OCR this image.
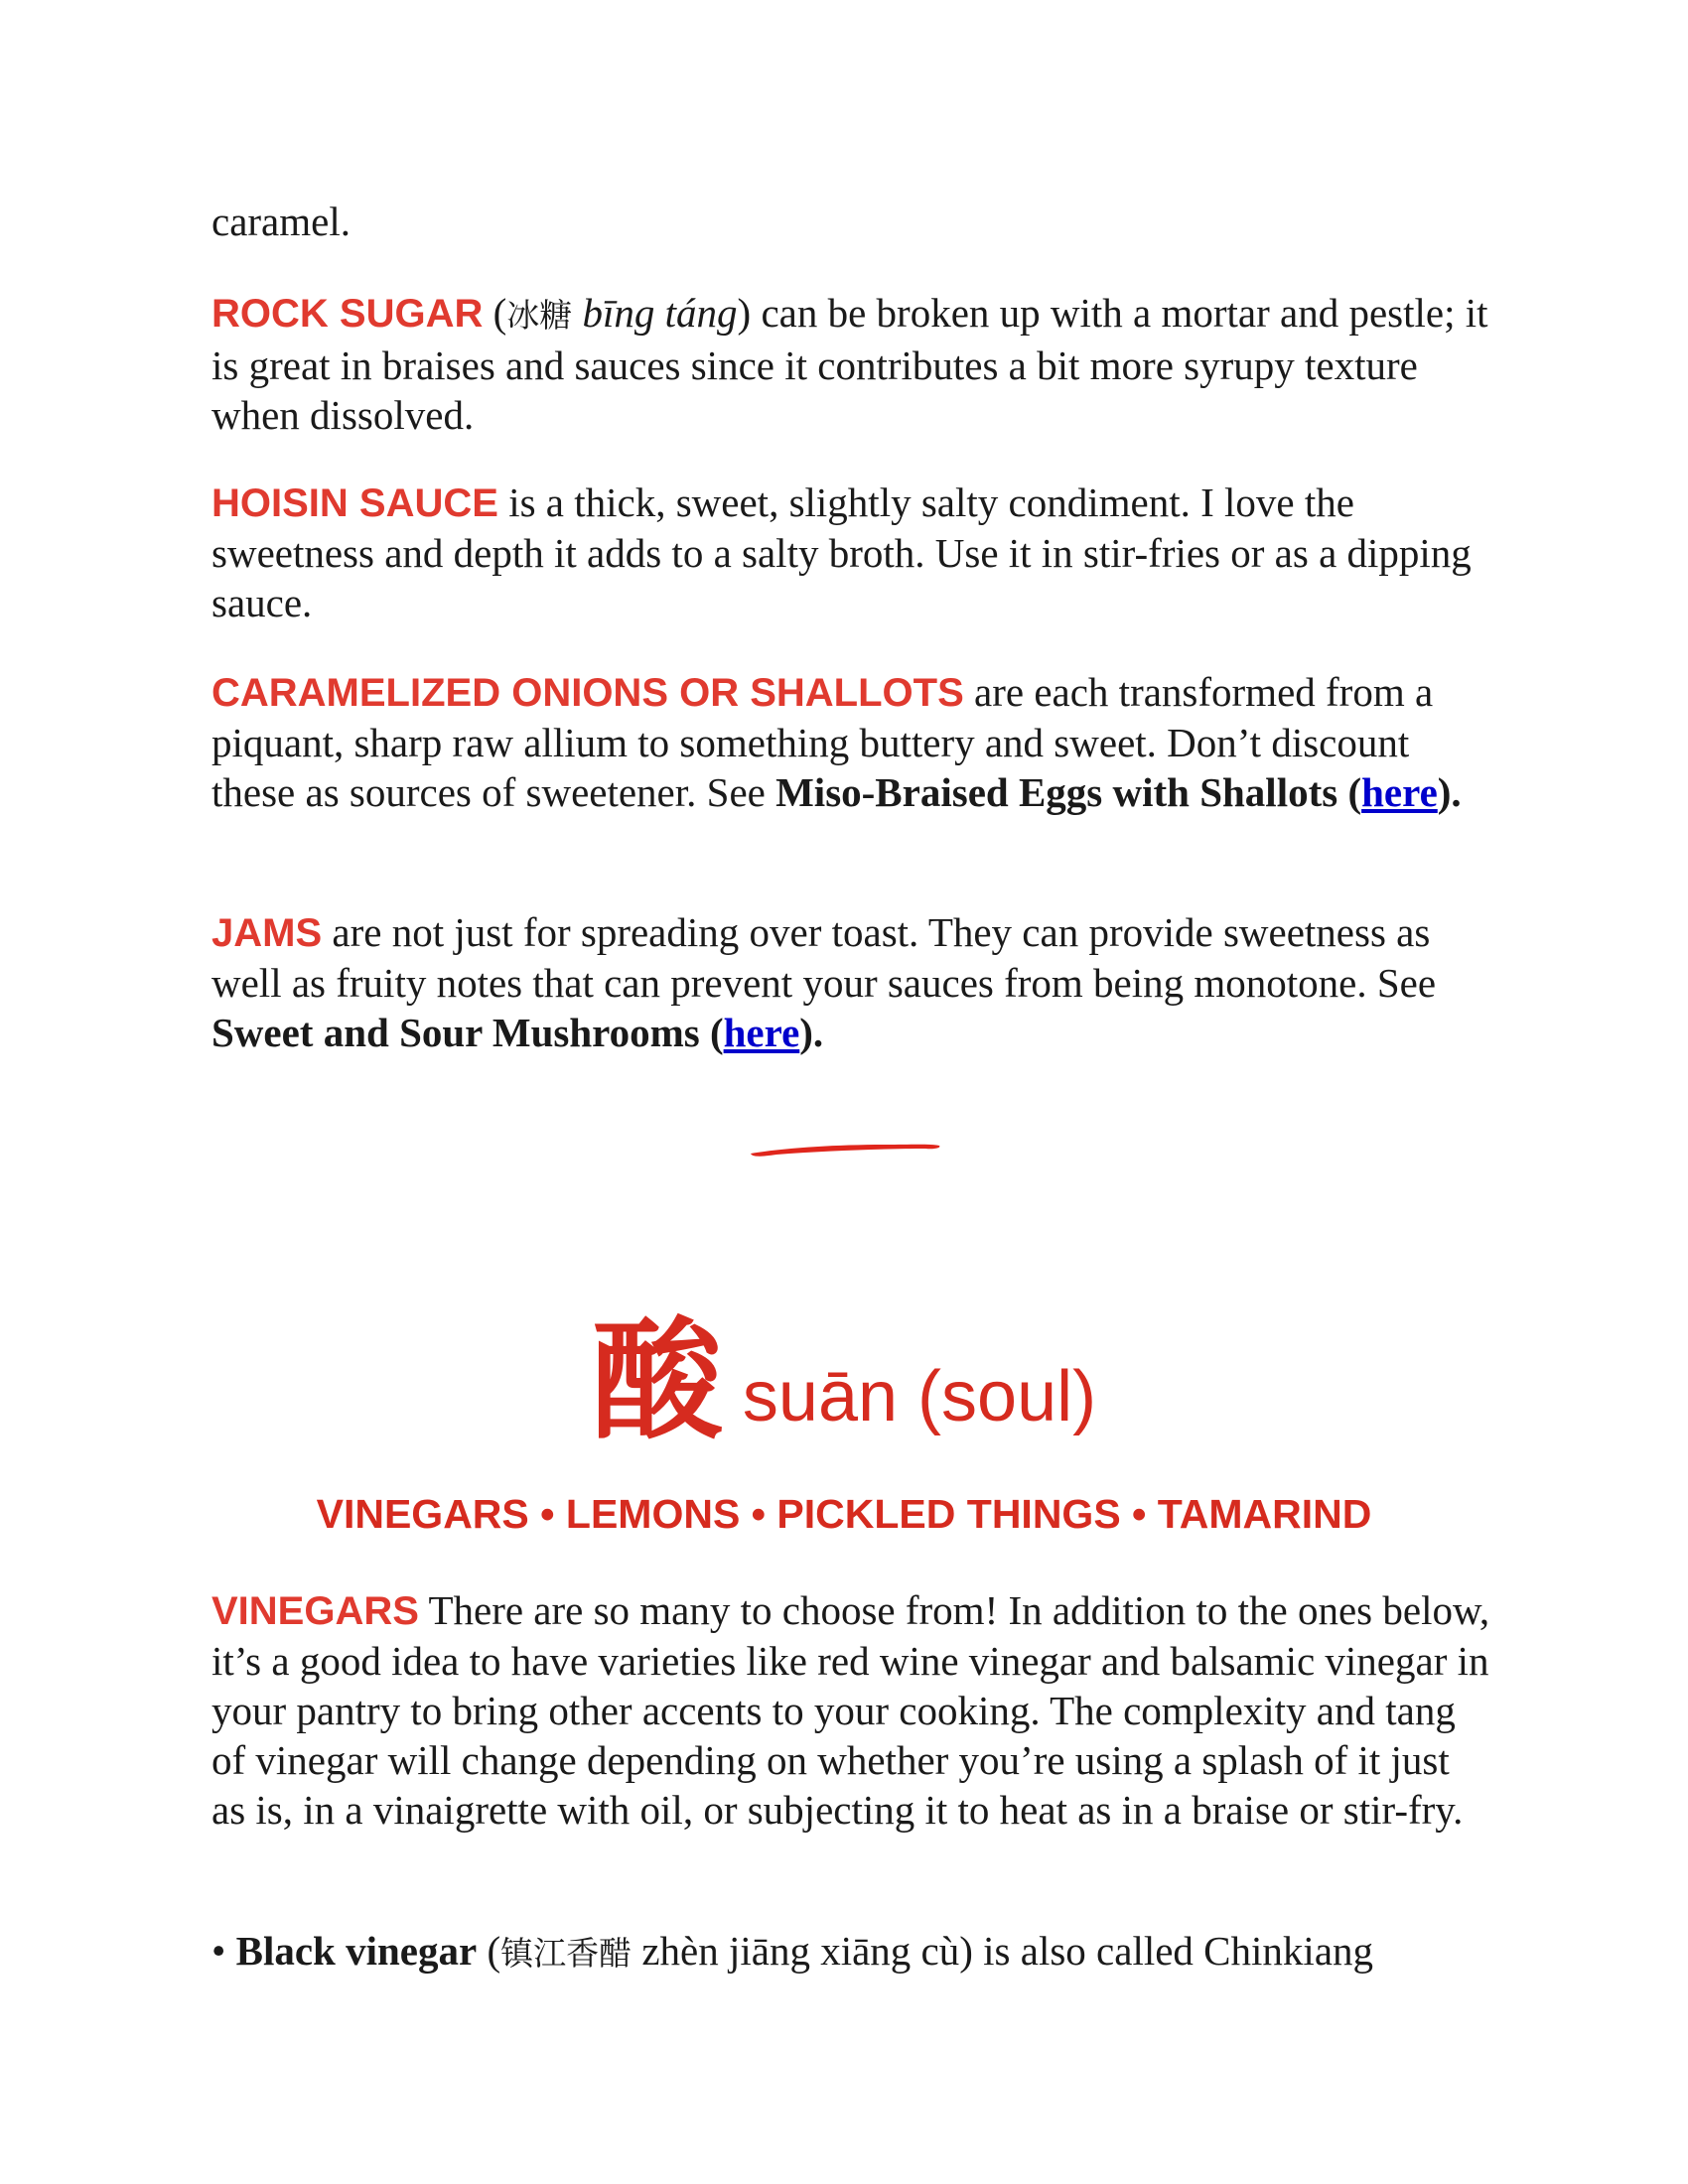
caramel.

ROCK SUGAR (冰糖 bīng táng) can be broken up with a mortar and pestle; it is great in braises and sauces since it contributes a bit more syrupy texture when dissolved.

HOISIN SAUCE is a thick, sweet, slightly salty condiment. I love the sweetness and depth it adds to a salty broth. Use it in stir-fries or as a dipping sauce.

CARAMELIZED ONIONS OR SHALLOTS are each transformed from a piquant, sharp raw allium to something buttery and sweet. Don’t discount these as sources of sweetener. See Miso-Braised Eggs with Shallots (here).

JAMS are not just for spreading over toast. They can provide sweetness as well as fruity notes that can prevent your sauces from being monotone. See Sweet and Sour Mushrooms (here).

酸 suān (soul)
VINEGARS • LEMONS • PICKLED THINGS • TAMARIND

VINEGARS There are so many to choose from! In addition to the ones below, it’s a good idea to have varieties like red wine vinegar and balsamic vinegar in your pantry to bring other accents to your cooking. The complexity and tang of vinegar will change depending on whether you’re using a splash of it just as is, in a vinaigrette with oil, or subjecting it to heat as in a braise or stir-fry.

• Black vinegar (镇江香醋 zhèn jiāng xiāng cù) is also called Chinkiang
